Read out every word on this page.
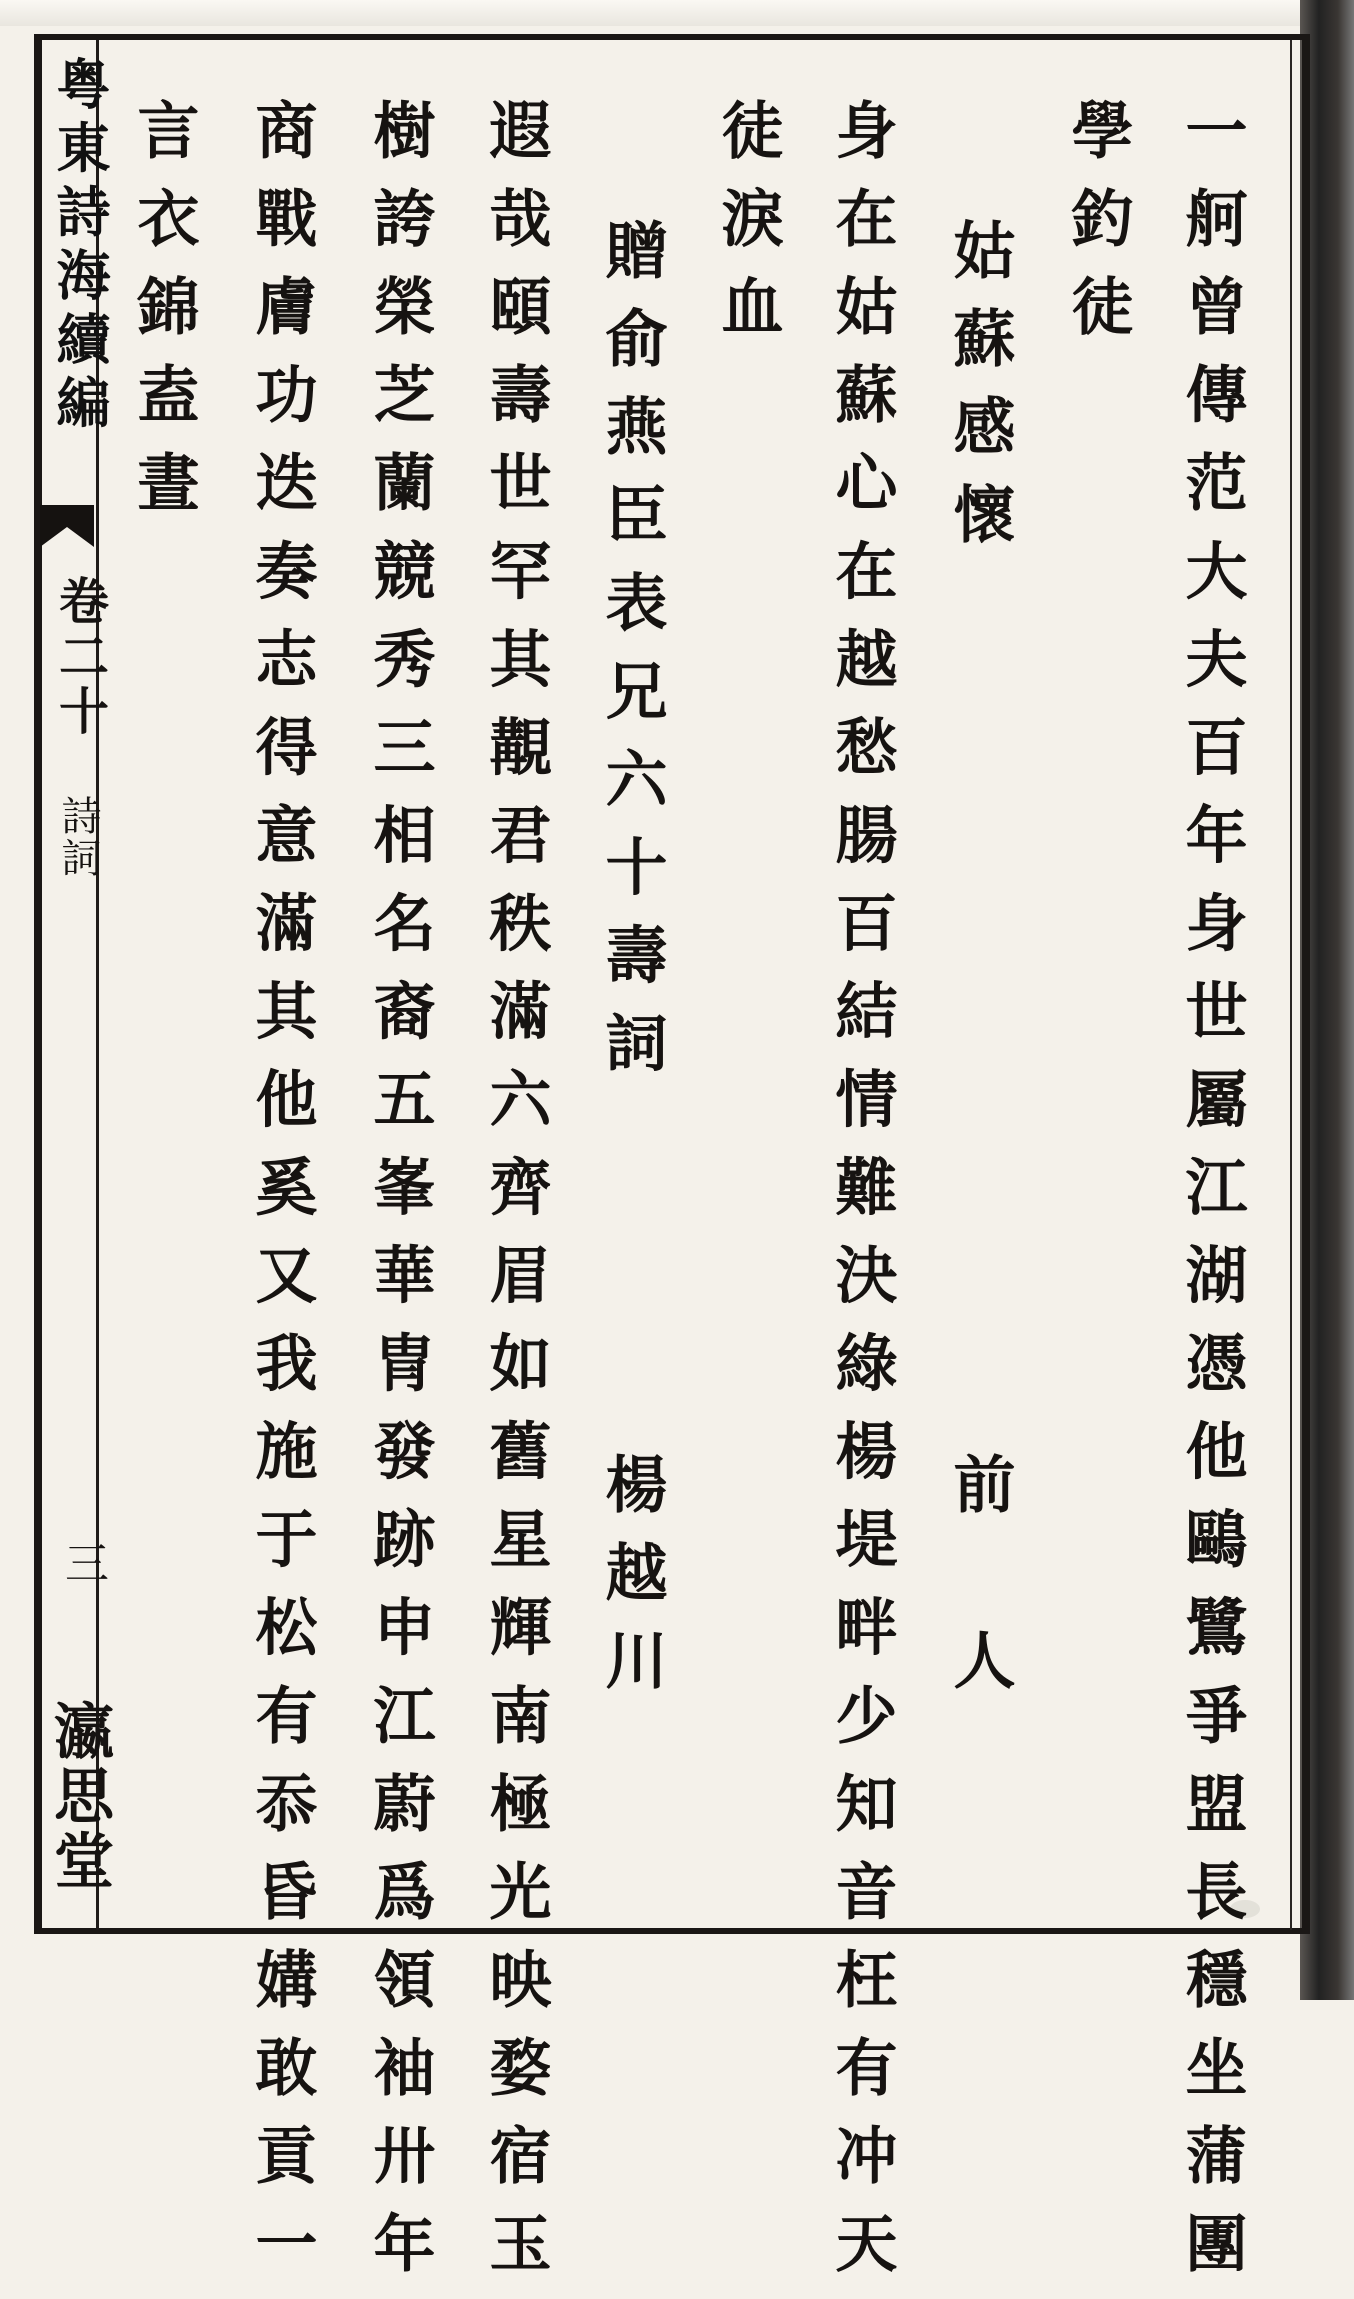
粤東詩海續編
卷二十
詩詞
三
瀛思堂	一舸曾傳范大夫百年身世屬江湖憑他鷗鷺爭盟長穩坐蒲團
學釣徒
姑蘇感懷
前　人
身在姑蘇心在越愁腸百結情難決綠楊堤畔少知音枉有冲天
徒淚血
贈俞燕臣表兄六十壽詞
楊越川
遐哉頤壽世罕其覯君秩滿六齊眉如舊星輝南極光映婺宿玉
樹誇榮芝蘭競秀三相名裔五峯華冑發跡申江蔚爲領袖卅年
商戰膚功迭奏志得意滿其他奚又我施于松有忝昏媾敢貢一
言衣錦盍晝
